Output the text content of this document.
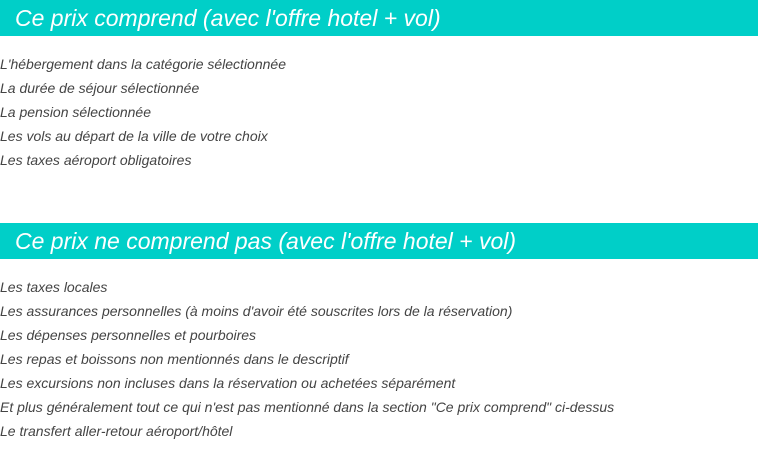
Ce prix comprend (avec l'offre hotel + vol)
L'hébergement dans la catégorie sélectionnée
La durée de séjour sélectionnée
La pension sélectionnée
Les vols au départ de la ville de votre choix
Les taxes aéroport obligatoires
Ce prix ne comprend pas (avec l'offre hotel + vol)
Les taxes locales
Les assurances personnelles (à moins d'avoir été souscrites lors de la réservation)
Les dépenses personnelles et pourboires
Les repas et boissons non mentionnés dans le descriptif
Les excursions non incluses dans la réservation ou achetées séparément
Et plus généralement tout ce qui n'est pas mentionné dans la section "Ce prix comprend" ci-dessus
Le transfert aller-retour aéroport/hôtel
